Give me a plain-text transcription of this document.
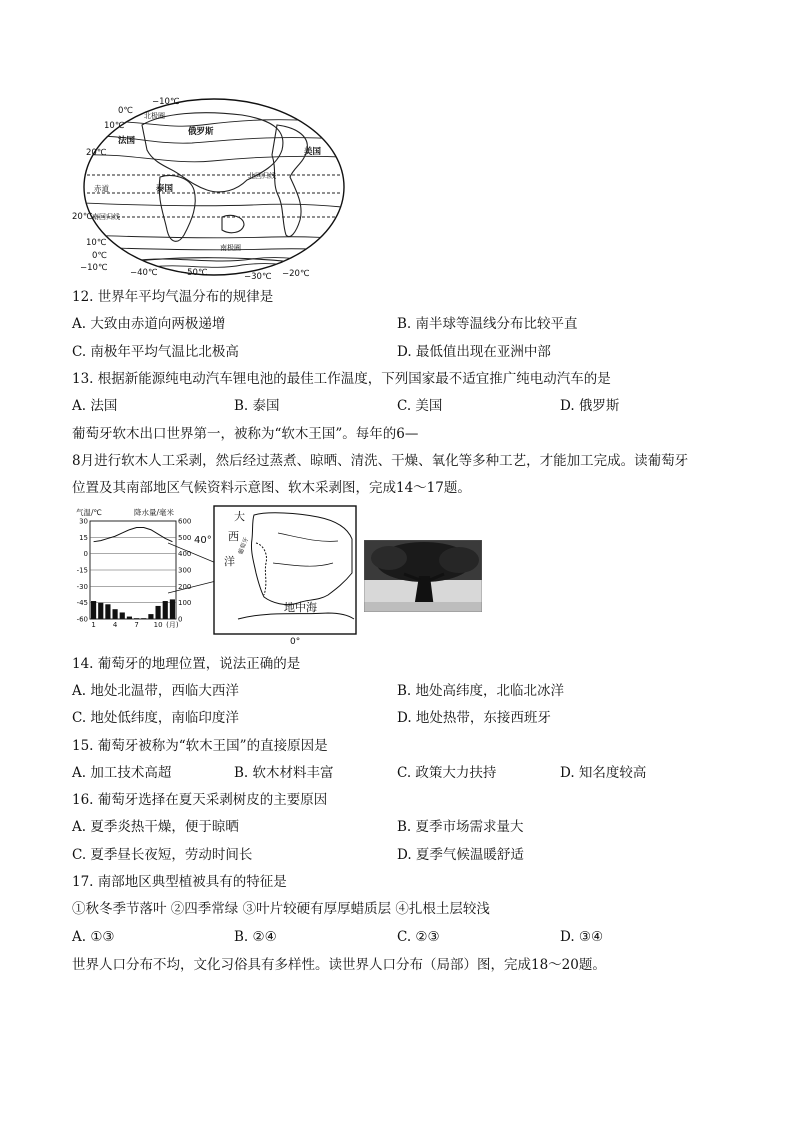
−10℃
0℃ 北极圈
10℃
俄罗斯
20℃
法国
美国
北回归线
赤道	泰国
20℃ 南回归线
10℃
0℃
−10℃
南极圈
−40℃	−50℃	−30℃ −20℃
12. 世界年平均气温分布的规律是
A. 大致由赤道向两极递增	B. 南半球等温线分布比较平直
C. 南极年平均气温比北极高	D. 最低值出现在亚洲中部
13. 根据新能源纯电动汽车锂电池的最佳工作温度，下列国家最不适宜推广纯电动汽车的是
A. 法国	B. 泰国	C. 美国	D. 俄罗斯
葡萄牙软木出口世界第一，被称为“软木王国”。每年的6—
8月进行软木人工采剥，然后经过蒸煮、晾晒、清洗、干燥、氧化等多种工艺，才能加工完成。读葡萄牙
位置及其南部地区气候资料示意图、软木采剥图，完成14～17题。
气温/℃	降水量/毫米
30
15
0
-15
-30
-45
-60
600
500
400
300
200
100
0
1 4 7 10 (月)
大
西
洋
40°	葡萄牙
地中海
0°
14. 葡萄牙的地理位置，说法正确的是
A. 地处北温带，西临大西洋	B. 地处高纬度，北临北冰洋
C. 地处低纬度，南临印度洋	D. 地处热带，东接西班牙
15. 葡萄牙被称为“软木王国”的直接原因是
A. 加工技术高超	B. 软木材料丰富	C. 政策大力扶持	D. 知名度较高
16. 葡萄牙选择在夏天采剥树皮的主要原因
A. 夏季炎热干燥，便于晾晒	B. 夏季市场需求量大
C. 夏季昼长夜短，劳动时间长	D. 夏季气候温暖舒适
17. 南部地区典型植被具有的特征是
①秋冬季节落叶 ②四季常绿 ③叶片较硬有厚厚蜡质层 ④扎根土层较浅
A. ①③	B. ②④	C. ②③	D. ③④
世界人口分布不均，文化习俗具有多样性。读世界人口分布（局部）图，完成18～20题。
